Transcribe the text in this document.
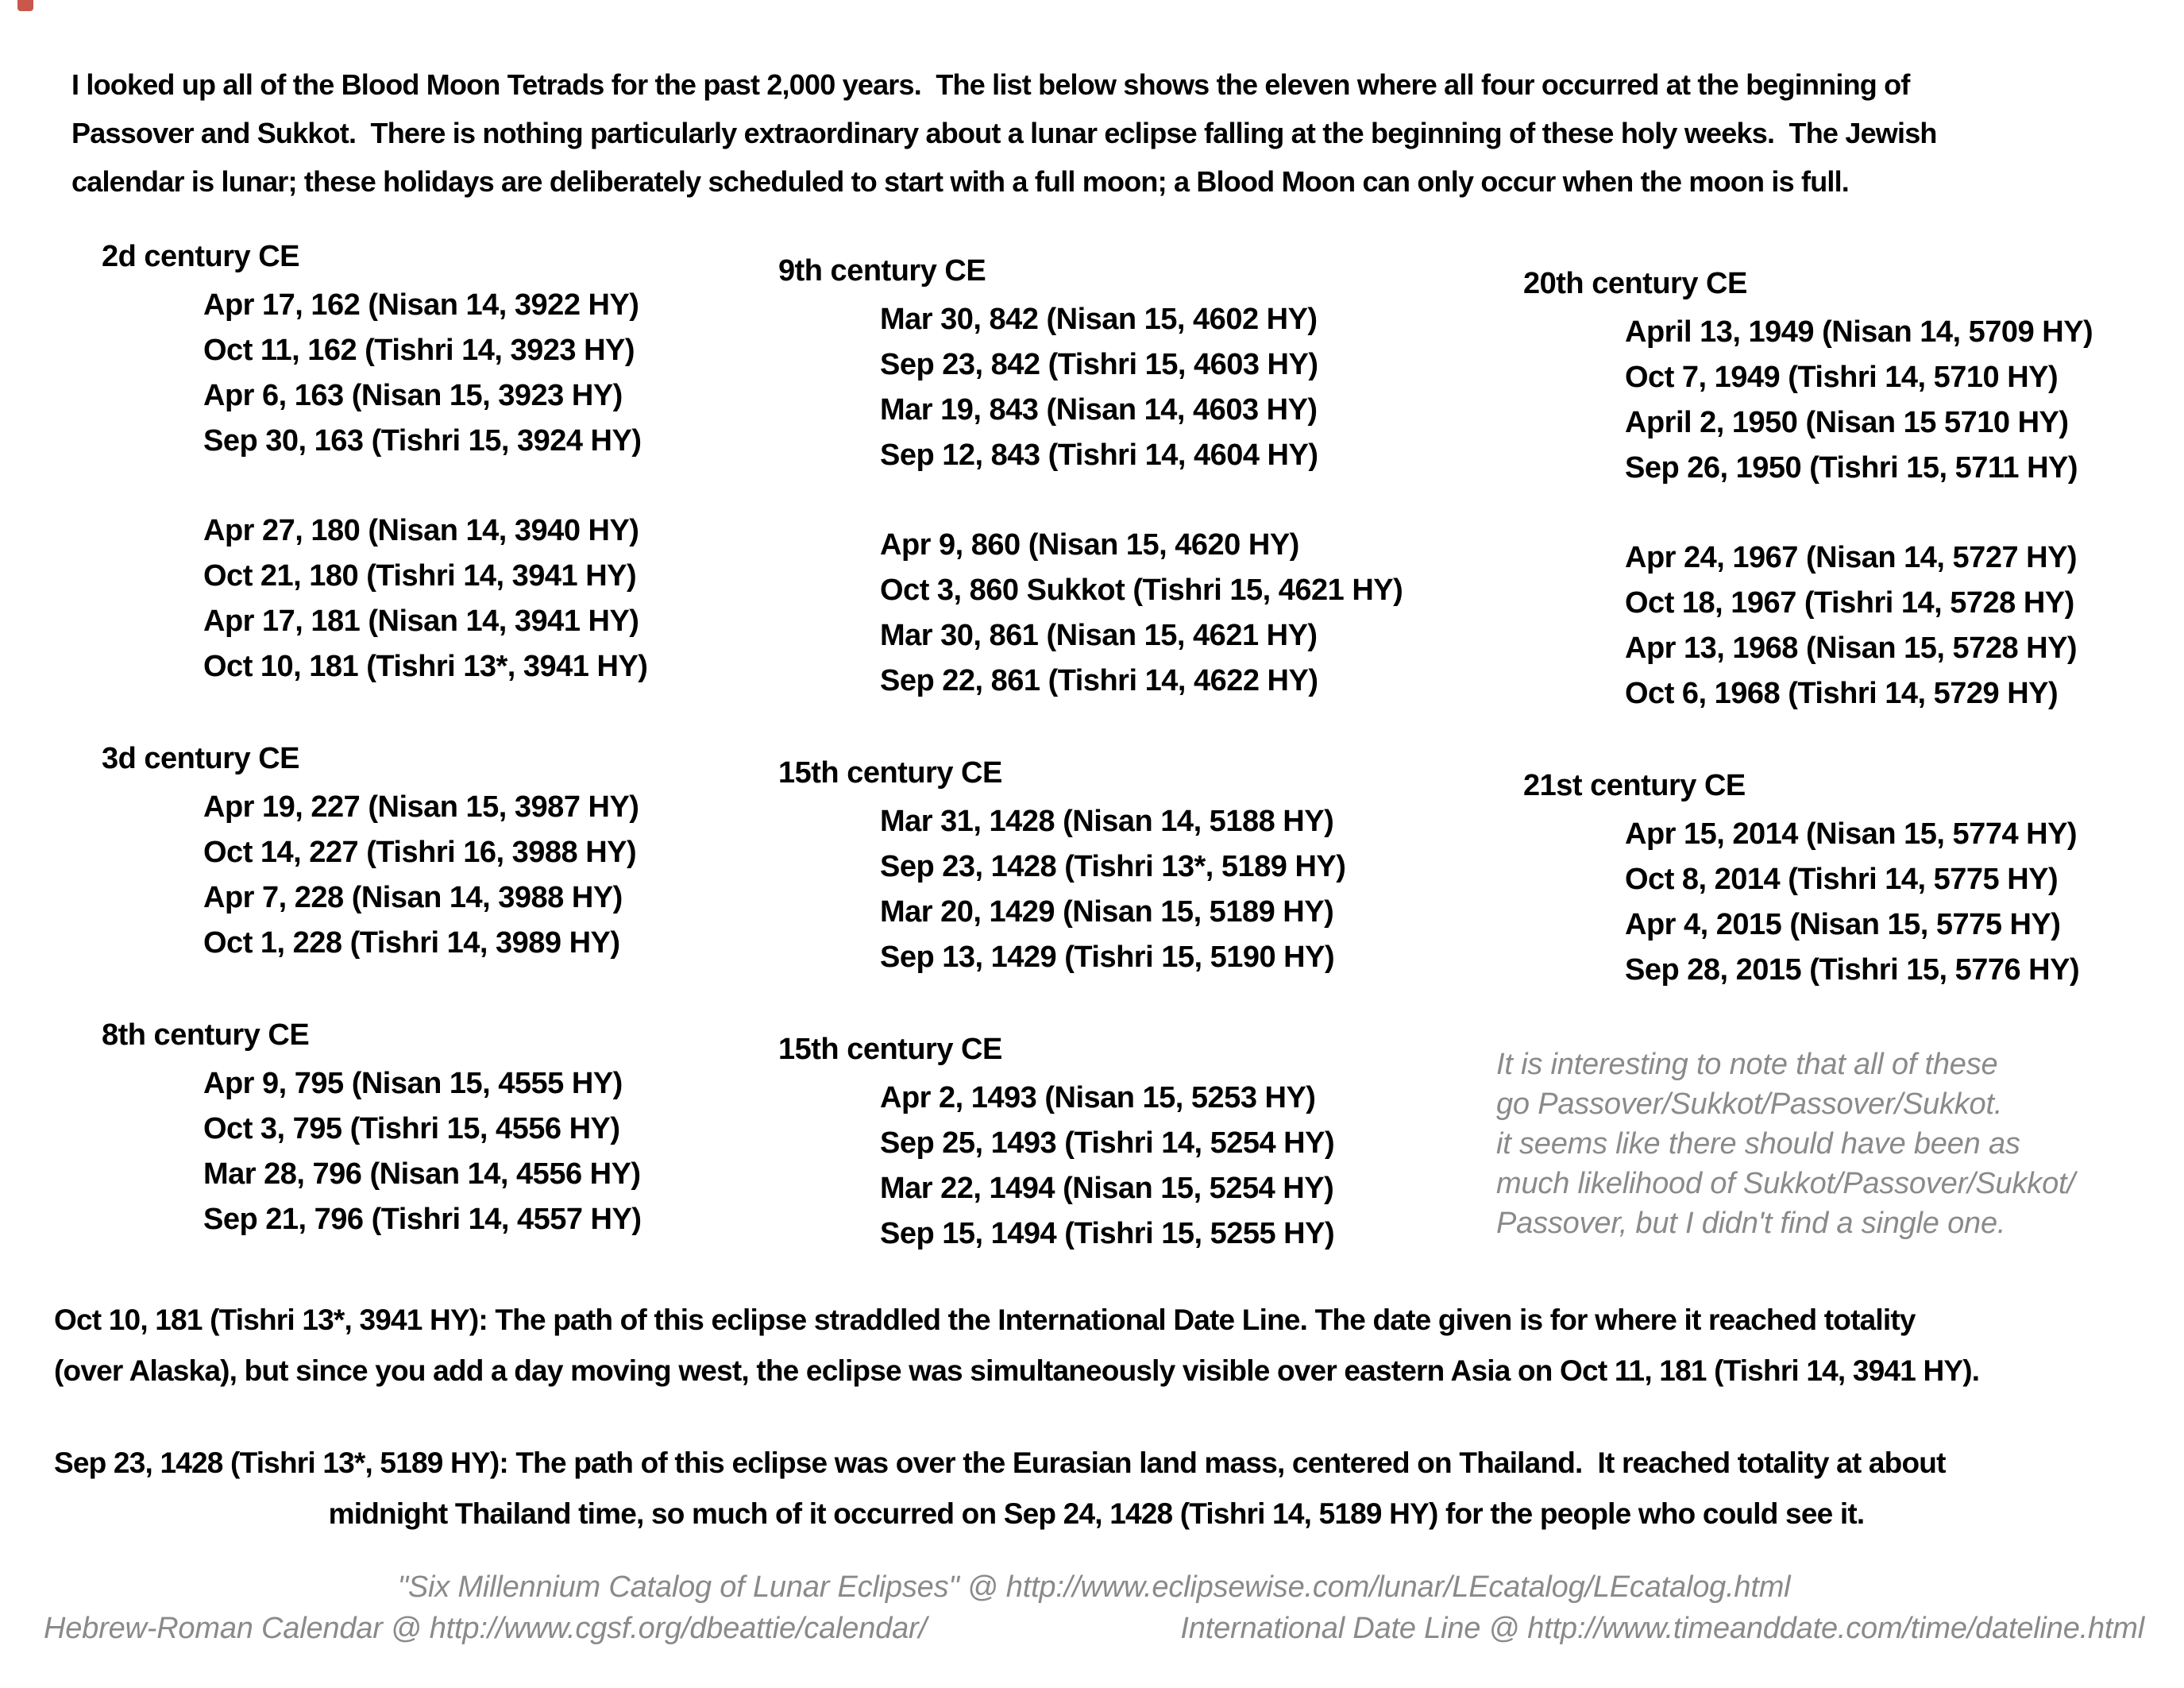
I looked up all of the Blood Moon Tetrads for the past 2,000 years.  The list below shows the eleven where all four occurred at the beginning of
Passover and Sukkot.  There is nothing particularly extraordinary about a lunar eclipse falling at the beginning of these holy weeks.  The Jewish
calendar is lunar; these holidays are deliberately scheduled to start with a full moon; a Blood Moon can only occur when the moon is full.
2d century CE
Apr 17, 162 (Nisan 14, 3922 HY)
Oct 11, 162 (Tishri 14, 3923 HY)
Apr 6, 163 (Nisan 15, 3923 HY)
Sep 30, 163 (Tishri 15, 3924 HY)
Apr 27, 180 (Nisan 14, 3940 HY)
Oct 21, 180 (Tishri 14, 3941 HY)
Apr 17, 181 (Nisan 14, 3941 HY)
Oct 10, 181 (Tishri 13*, 3941 HY)
3d century CE
Apr 19, 227 (Nisan 15, 3987 HY)
Oct 14, 227 (Tishri 16, 3988 HY)
Apr 7, 228 (Nisan 14, 3988 HY)
Oct 1, 228 (Tishri 14, 3989 HY)
8th century CE
Apr 9, 795 (Nisan 15, 4555 HY)
Oct 3, 795 (Tishri 15, 4556 HY)
Mar 28, 796 (Nisan 14, 4556 HY)
Sep 21, 796 (Tishri 14, 4557 HY)
9th century CE
Mar 30, 842 (Nisan 15, 4602 HY)
Sep 23, 842 (Tishri 15, 4603 HY)
Mar 19, 843 (Nisan 14, 4603 HY)
Sep 12, 843 (Tishri 14, 4604 HY)
Apr 9, 860 (Nisan 15, 4620 HY)
Oct 3, 860 Sukkot (Tishri 15, 4621 HY)
Mar 30, 861 (Nisan 15, 4621 HY)
Sep 22, 861 (Tishri 14, 4622 HY)
15th century CE
Mar 31, 1428 (Nisan 14, 5188 HY)
Sep 23, 1428 (Tishri 13*, 5189 HY)
Mar 20, 1429 (Nisan 15, 5189 HY)
Sep 13, 1429 (Tishri 15, 5190 HY)
15th century CE
Apr 2, 1493 (Nisan 15, 5253 HY)
Sep 25, 1493 (Tishri 14, 5254 HY)
Mar 22, 1494 (Nisan 15, 5254 HY)
Sep 15, 1494 (Tishri 15, 5255 HY)
20th century CE
April 13, 1949 (Nisan 14, 5709 HY)
Oct 7, 1949 (Tishri 14, 5710 HY)
April 2, 1950 (Nisan 15 5710 HY)
Sep 26, 1950 (Tishri 15, 5711 HY)
Apr 24, 1967 (Nisan 14, 5727 HY)
Oct 18, 1967 (Tishri 14, 5728 HY)
Apr 13, 1968 (Nisan 15, 5728 HY)
Oct 6, 1968 (Tishri 14, 5729 HY)
21st century CE
Apr 15, 2014 (Nisan 15, 5774 HY)
Oct 8, 2014 (Tishri 14, 5775 HY)
Apr 4, 2015 (Nisan 15, 5775 HY)
Sep 28, 2015 (Tishri 15, 5776 HY)
It is interesting to note that all of these
go Passover/Sukkot/Passover/Sukkot.
it seems like there should have been as
much likelihood of Sukkot/Passover/Sukkot/
Passover, but I didn't find a single one.
Oct 10, 181 (Tishri 13*, 3941 HY): The path of this eclipse straddled the International Date Line. The date given is for where it reached totality
(over Alaska), but since you add a day moving west, the eclipse was simultaneously visible over eastern Asia on Oct 11, 181 (Tishri 14, 3941 HY).
Sep 23, 1428 (Tishri 13*, 5189 HY): The path of this eclipse was over the Eurasian land mass, centered on Thailand.  It reached totality at about
midnight Thailand time, so much of it occurred on Sep 24, 1428 (Tishri 14, 5189 HY) for the people who could see it.
"Six Millennium Catalog of Lunar Eclipses" @ http://www.eclipsewise.com/lunar/LEcatalog/LEcatalog.html
Hebrew-Roman Calendar @ http://www.cgsf.org/dbeattie/calendar/	International Date Line @ http://www.timeanddate.com/time/dateline.html
